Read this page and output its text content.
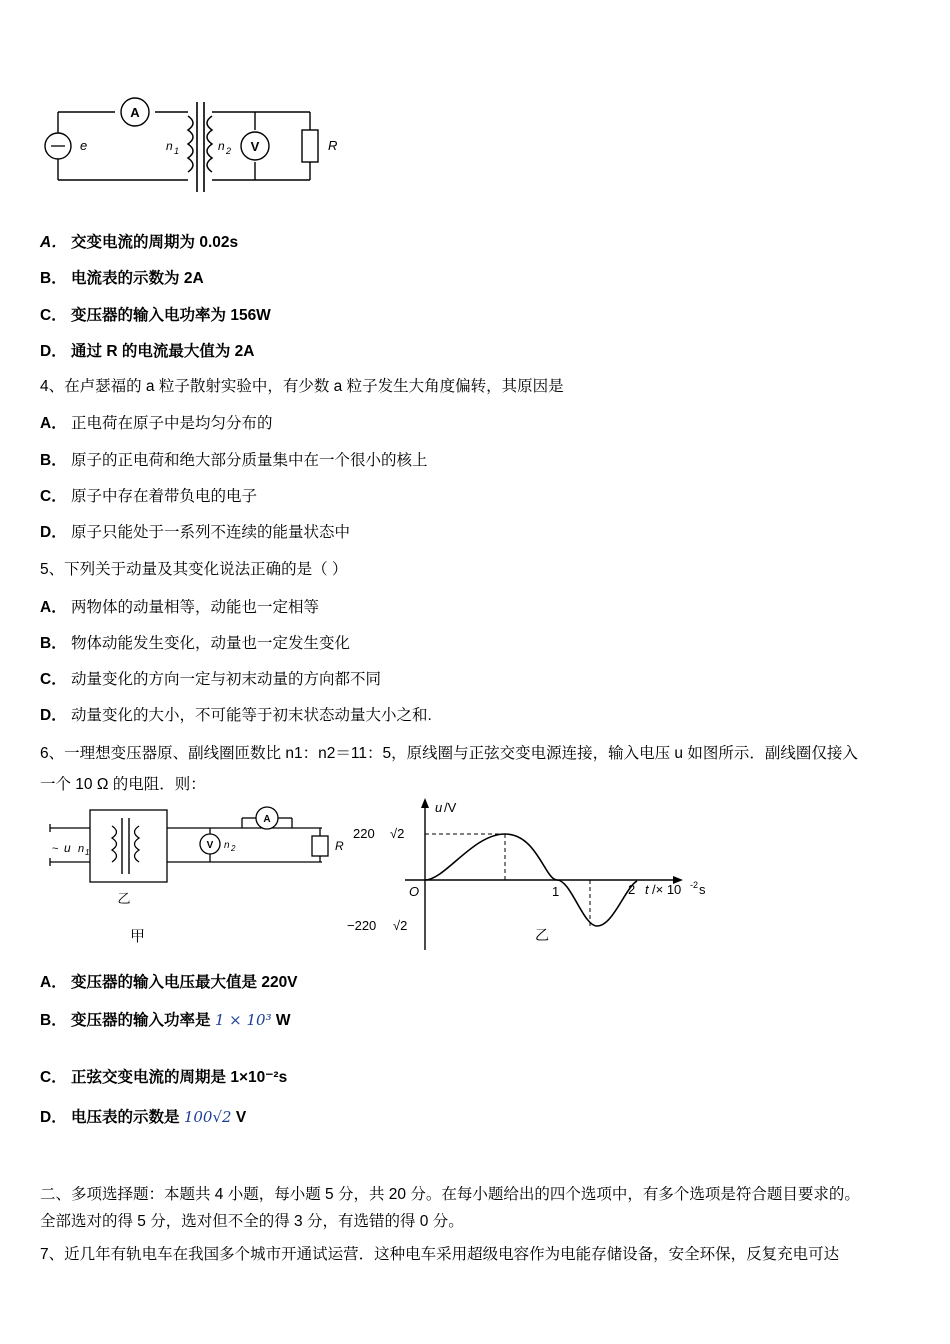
A
e	n 1	n 2 V	R
A． 交变电流的周期为 0.02s
B． 电流表的示数为 2A
C． 变压器的输入电功率为 156W
D． 通过 R 的电流最大值为 2A
4、在卢瑟福的 a 粒子散射实验中，有少数 a 粒子发生大角度偏转，其原因是
A． 正电荷在原子中是均匀分布的
B． 原子的正电荷和绝大部分质量集中在一个很小的核上
C． 原子中存在着带负电的电子
D． 原子只能处于一系列不连续的能量状态中
5、下列关于动量及其变化说法正确的是（ ）
A． 两物体的动量相等，动能也一定相等
B． 物体动能发生变化，动量也一定发生变化
C． 动量变化的方向一定与初末动量的方向都不同
D． 动量变化的大小，不可能等于初末状态动量大小之和.
6、一理想变压器原、副线圈匝数比 n1：n2＝11：5，原线圈与正弦交变电源连接，输入电压 u 如图所示．副线圈仅接入
一个 10 Ω 的电阻．则：
~ u n 1
V n 2
A
R
乙
甲
u /V
220 √2
−220 √2
O	1	2 t /× 10 -2 s
乙
A． 变压器的输入电压最大值是 220V
B． 变压器的输入功率是 1 × 10³ W
C． 正弦交变电流的周期是 1×10⁻²s
D． 电压表的示数是 100√2 V
二、多项选择题：本题共 4 小题，每小题 5 分，共 20 分。在每小题给出的四个选项中，有多个选项是符合题目要求的。
全部选对的得 5 分，选对但不全的得 3 分，有选错的得 0 分。
7、近几年有轨电车在我国多个城市开通试运营．这种电车采用超级电容作为电能存储设备，安全环保，反复充电可达
